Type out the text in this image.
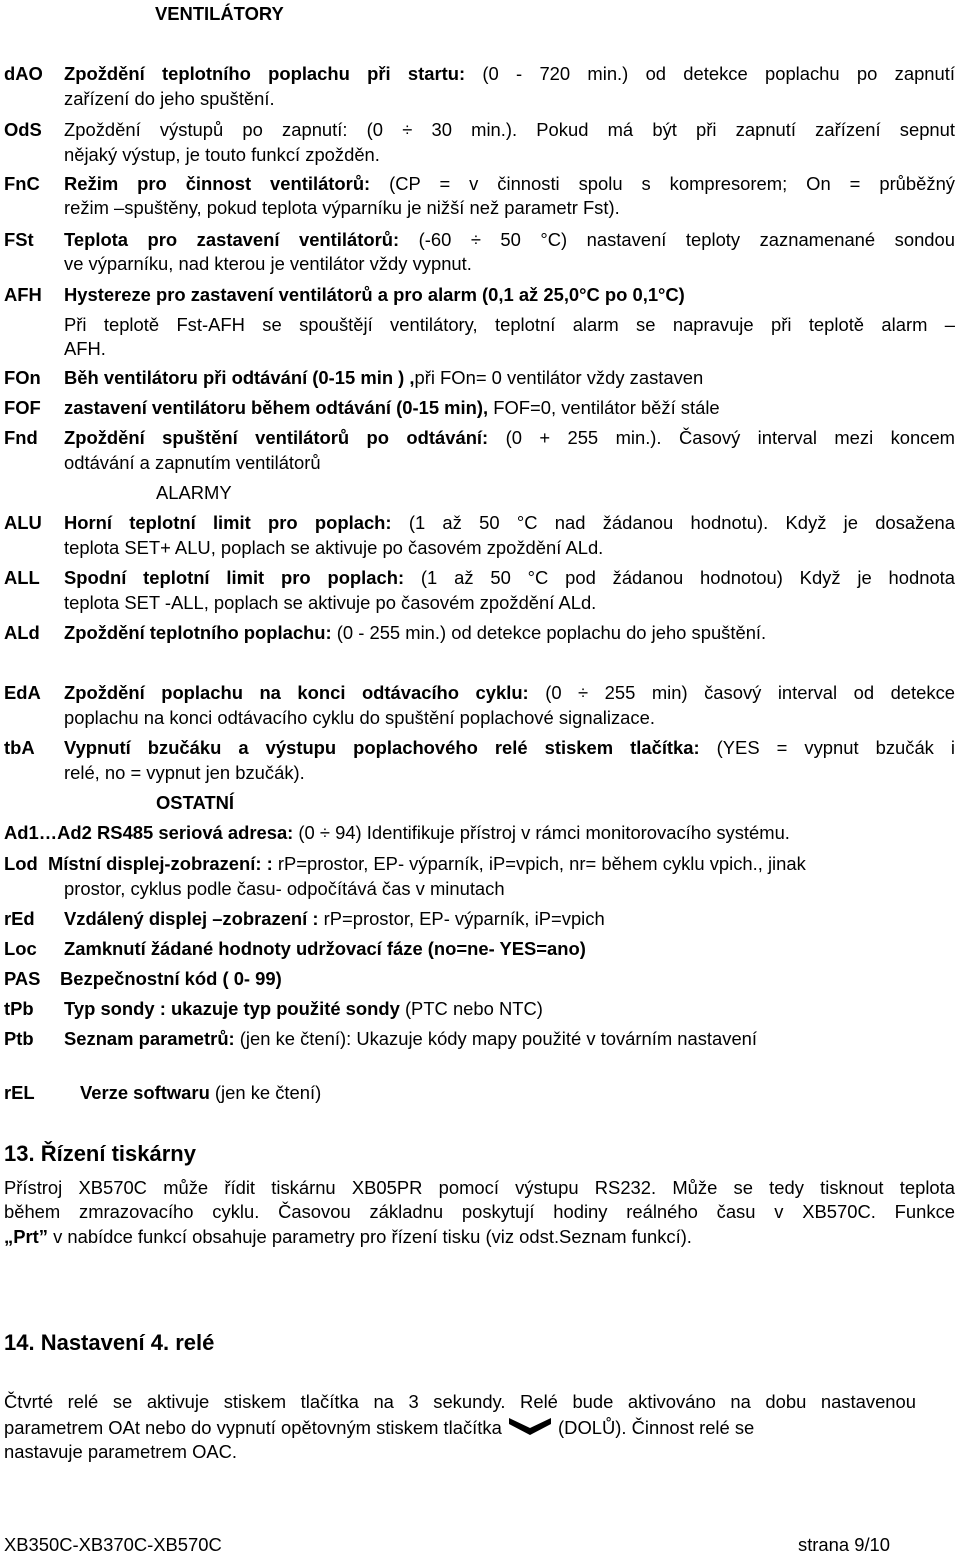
VENTILÁTORY
dAO Zpoždění teplotního poplachu při startu: (0 - 720 min.) od detekce poplachu po zapnutí
zařízení do jeho spuštění.
OdS Zpoždění výstupů po zapnutí: (0 ÷ 30 min.). Pokud má být při zapnutí zařízení sepnut
nějaký výstup, je touto funkcí zpožděn.
FnC Režim pro činnost ventilátorů: (CP = v činnosti spolu s kompresorem; On = průběžný
režim –spuštěny, pokud teplota výparníku je nižší než parametr Fst).
FSt Teplota pro zastavení ventilátorů: (-60 ÷ 50 °C) nastavení teploty zaznamenané sondou
ve výparníku, nad kterou je ventilátor vždy vypnut.
AFH Hystereze pro zastavení ventilátorů a pro alarm (0,1 až 25,0°C po 0,1°C)
Při teplotě Fst-AFH se spouštějí ventilátory, teplotní alarm se napravuje při teplotě alarm –
AFH.
FOn Běh ventilátoru při odtávání (0-15 min ) ,při FOn= 0 ventilátor vždy zastaven
FOF zastavení ventilátoru během odtávání (0-15 min), FOF=0, ventilátor běží stále
Fnd Zpoždění spuštění ventilátorů po odtávání: (0 + 255 min.). Časový interval mezi koncem
odtávání a zapnutím ventilátorů
ALARMY
ALU Horní teplotní limit pro poplach: (1 až 50 °C nad žádanou hodnotu). Když je dosažena
teplota SET+ ALU, poplach se aktivuje po časovém zpoždění ALd.
ALL Spodní teplotní limit pro poplach: (1 až 50 °C pod žádanou hodnotou) Když je hodnota
teplota SET -ALL, poplach se aktivuje po časovém zpoždění ALd.
ALd Zpoždění teplotního poplachu: (0 - 255 min.) od detekce poplachu do jeho spuštění.
EdA Zpoždění poplachu na konci odtávacího cyklu: (0 ÷ 255 min) časový interval od detekce
poplachu na konci odtávacího cyklu do spuštění poplachové signalizace.
tbA Vypnutí bzučáku a výstupu poplachového relé stiskem tlačítka: (YES = vypnut bzučák i
relé, no = vypnut jen bzučák).
OSTATNÍ
Ad1…Ad2 RS485 seriová adresa: (0 ÷ 94) Identifikuje přístroj v rámci monitorovacího systému.
Lod Místní displej-zobrazení: : rP=prostor, EP- výparník, iP=vpich, nr= během cyklu vpich., jinak
prostor, cyklus podle času- odpočítává čas v minutach
rEd Vzdálený displej –zobrazení : rP=prostor, EP- výparník, iP=vpich
Loc Zamknutí žádané hodnoty udržovací fáze (no=ne- YES=ano)
PAS Bezpečnostní kód ( 0- 99)
tPb Typ sondy : ukazuje typ použité sondy (PTC nebo NTC)
Ptb Seznam parametrů: (jen ke čtení): Ukazuje kódy mapy použité v továrním nastavení
rEL Verze softwaru (jen ke čtení)
13. Řízení tiskárny
Přístroj XB570C může řídit tiskárnu XB05PR pomocí výstupu RS232. Může se tedy tisknout teplota
během zmrazovacího cyklu. Časovou základnu poskytují hodiny reálného času v XB570C. Funkce
„Prt” v nabídce funkcí obsahuje parametry pro řízení tisku (viz odst.Seznam funkcí).
14. Nastavení 4. relé
Čtvrté relé se aktivuje stiskem tlačítka na 3 sekundy. Relé bude aktivováno na dobu nastavenou
parametrem OAt nebo do vypnutí opětovným stiskem tlačítka	(DOLŮ). Činnost relé se
nastavuje parametrem OAC.
XB350C-XB370C-XB570C	strana 9/10
